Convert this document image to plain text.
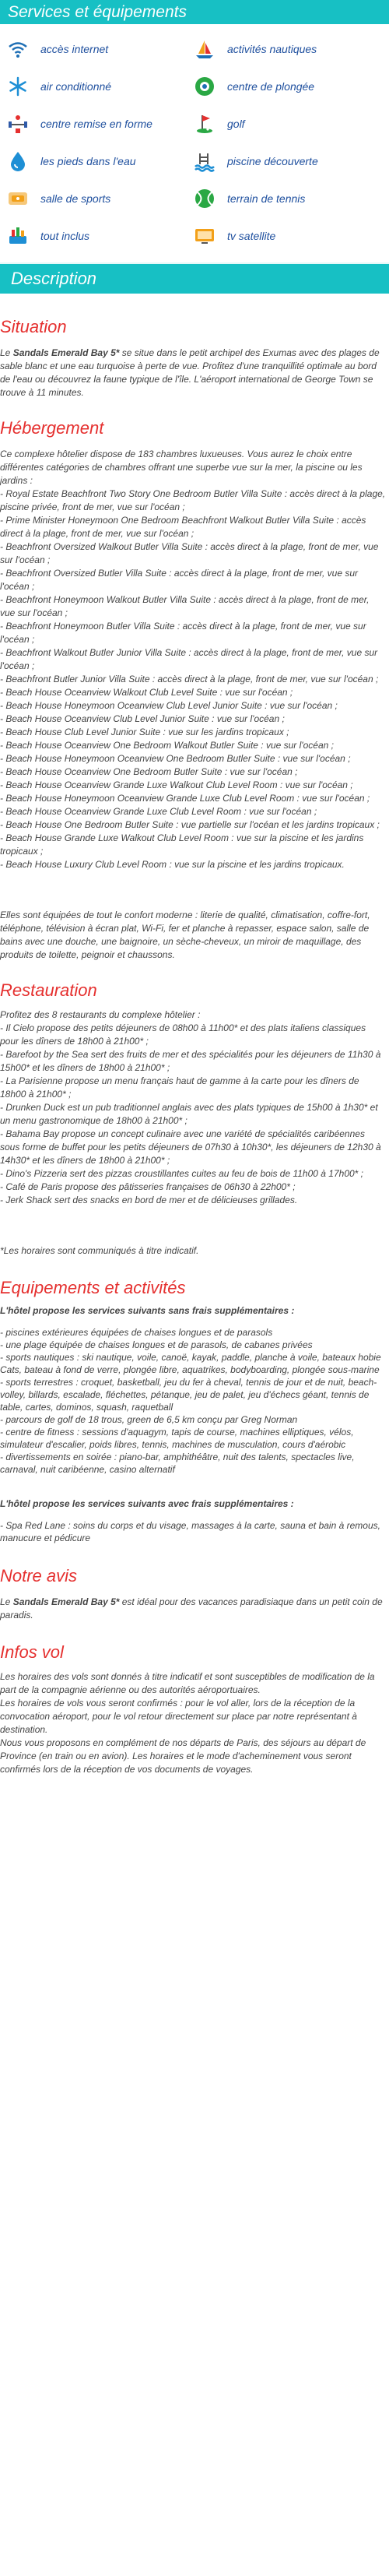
Services et équipements
accès internet	activités nautiques
air conditionné	centre de plongée
centre remise en forme	golf
les pieds dans l'eau	piscine découverte
salle de sports	terrain de tennis
tout inclus	tv satellite
Description
Situation

Le Sandals Emerald Bay 5* se situe dans le petit archipel des Exumas avec des plages de sable blanc et une eau turquoise à perte de vue. Profitez d'une tranquillité optimale au bord de l'eau ou découvrez la faune typique de l'île. L'aéroport international de George Town se trouve à 11 minutes.

Hébergement

Ce complexe hôtelier dispose de 183 chambres luxueuses. Vous aurez le choix entre différentes catégories de chambres offrant une superbe vue sur la mer, la piscine ou les jardins :

- Royal Estate Beachfront Two Story One Bedroom Butler Villa Suite : accès direct à la plage, piscine privée, front de mer, vue sur l'océan ;
- Prime Minister Honeymoon One Bedroom Beachfront Walkout Butler Villa Suite : accès direct à la plage, front de mer, vue sur l'océan ;
- Beachfront Oversized Walkout Butler Villa Suite : accès direct à la plage, front de mer, vue sur l'océan ;
- Beachfront Oversized Butler Villa Suite : accès direct à la plage, front de mer, vue sur l'océan ;
- Beachfront Honeymoon Walkout Butler Villa Suite : accès direct à la plage, front de mer, vue sur l'océan ;
- Beachfront Honeymoon Butler Villa Suite : accès direct à la plage, front de mer, vue sur l'océan ;
- Beachfront Walkout Butler Junior Villa Suite : accès direct à la plage, front de mer, vue sur l'océan ;
- Beachfront Butler Junior Villa Suite : accès direct à la plage, front de mer, vue sur l'océan ;
- Beach House Oceanview Walkout Club Level Suite : vue sur l'océan ;
- Beach House Honeymoon Oceanview Club Level Junior Suite : vue sur l'océan ;
- Beach House Oceanview Club Level Junior Suite : vue sur l'océan ;
- Beach House Club Level Junior Suite : vue sur les jardins tropicaux ;
- Beach House Oceanview One Bedroom Walkout Butler Suite : vue sur l'océan ;
- Beach House Honeymoon Oceanview One Bedroom Butler Suite : vue sur l'océan ;
- Beach House Oceanview One Bedroom Butler Suite : vue sur l'océan ;
- Beach House Oceanview Grande Luxe Walkout Club Level Room : vue sur l'océan ;
- Beach House Honeymoon Oceanview Grande Luxe Club Level Room : vue sur l'océan ;
- Beach House Oceanview Grande Luxe Club Level Room : vue sur l'océan ;
- Beach House One Bedroom Butler Suite : vue partielle sur l'océan et les jardins tropicaux ;
- Beach House Grande Luxe Walkout Club Level Room : vue sur la piscine et les jardins tropicaux ;
- Beach House Luxury Club Level Room : vue sur la piscine et les jardins tropicaux.

Elles sont équipées de tout le confort moderne : literie de qualité, climatisation, coffre-fort, téléphone, télévision à écran plat, Wi-Fi, fer et planche à repasser, espace salon, salle de bains avec une douche, une baignoire, un sèche-cheveux, un miroir de maquillage, des produits de toilette, peignoir et chaussons.

Restauration
Profitez des 8 restaurants du complexe hôtelier :
- Il Cielo propose des petits déjeuners de 08h00 à 11h00* et des plats italiens classiques pour les dîners de 18h00 à 21h00* ;
- Barefoot by the Sea sert des fruits de mer et des spécialités pour les déjeuners de 11h30 à 15h00* et les dîners de 18h00 à 21h00* ;
- La Parisienne propose un menu français haut de gamme à la carte pour les dîners de 18h00 à 21h00* ;
- Drunken Duck est un pub traditionnel anglais avec des plats typiques de 15h00 à 1h30* et un menu gastronomique de 18h00 à 21h00* ;
- Bahama Bay propose un concept culinaire avec une variété de spécialités caribéennes sous forme de buffet pour les petits déjeuners de 07h30 à 10h30*, les déjeuners de 12h30 à 14h30* et les dîners de 18h00 à 21h00* ;
- Dino's Pizzeria sert des pizzas croustillantes cuites au feu de bois de 11h00 à 17h00* ;
- Café de Paris propose des pâtisseries françaises de 06h30 à 22h00* ;
- Jerk Shack sert des snacks en bord de mer et de délicieuses grillades.

*Les horaires sont communiqués à titre indicatif.

Equipements et activités

L'hôtel propose les services suivants sans frais supplémentaires :

- piscines extérieures équipées de chaises longues et de parasols
- une plage équipée de chaises longues et de parasols, de cabanes privées
- sports nautiques : ski nautique, voile, canoë, kayak, paddle, planche à voile, bateaux hobie Cats, bateau à fond de verre, plongée libre, aquatrikes, bodyboarding, plongée sous-marine
- sports terrestres : croquet, basketball, jeu du fer à cheval, tennis de jour et de nuit, beach-volley, billards, escalade, fléchettes, pétanque, jeu de palet, jeu d'échecs géant, tennis de table, cartes, dominos, squash, raquetball
- parcours de golf de 18 trous, green de 6,5 km conçu par Greg Norman
- centre de fitness : sessions d'aquagym, tapis de course, machines elliptiques, vélos, simulateur d'escalier, poids libres, tennis, machines de musculation, cours d'aérobic
- divertissements en soirée : piano-bar, amphithéâtre, nuit des talents, spectacles live, carnaval, nuit caribéenne, casino alternatif

L'hôtel propose les services suivants avec frais supplémentaires :

- Spa Red Lane : soins du corps et du visage, massages à la carte, sauna et bain à remous, manucure et pédicure
Notre avis

Le Sandals Emerald Bay 5* est idéal pour des vacances paradisiaque dans un petit coin de paradis.

Infos vol
Les horaires des vols sont donnés à titre indicatif et sont susceptibles de modification de la part de la compagnie aérienne ou des autorités aéroportuaires.
Les horaires de vols vous seront confirmés : pour le vol aller, lors de la réception de la convocation aéroport, pour le vol retour directement sur place par notre représentant à destination.
Nous vous proposons en complément de nos départs de Paris, des séjours au départ de Province (en train ou en avion). Les horaires et le mode d'acheminement vous seront confirmés lors de la réception de vos documents de voyages.
